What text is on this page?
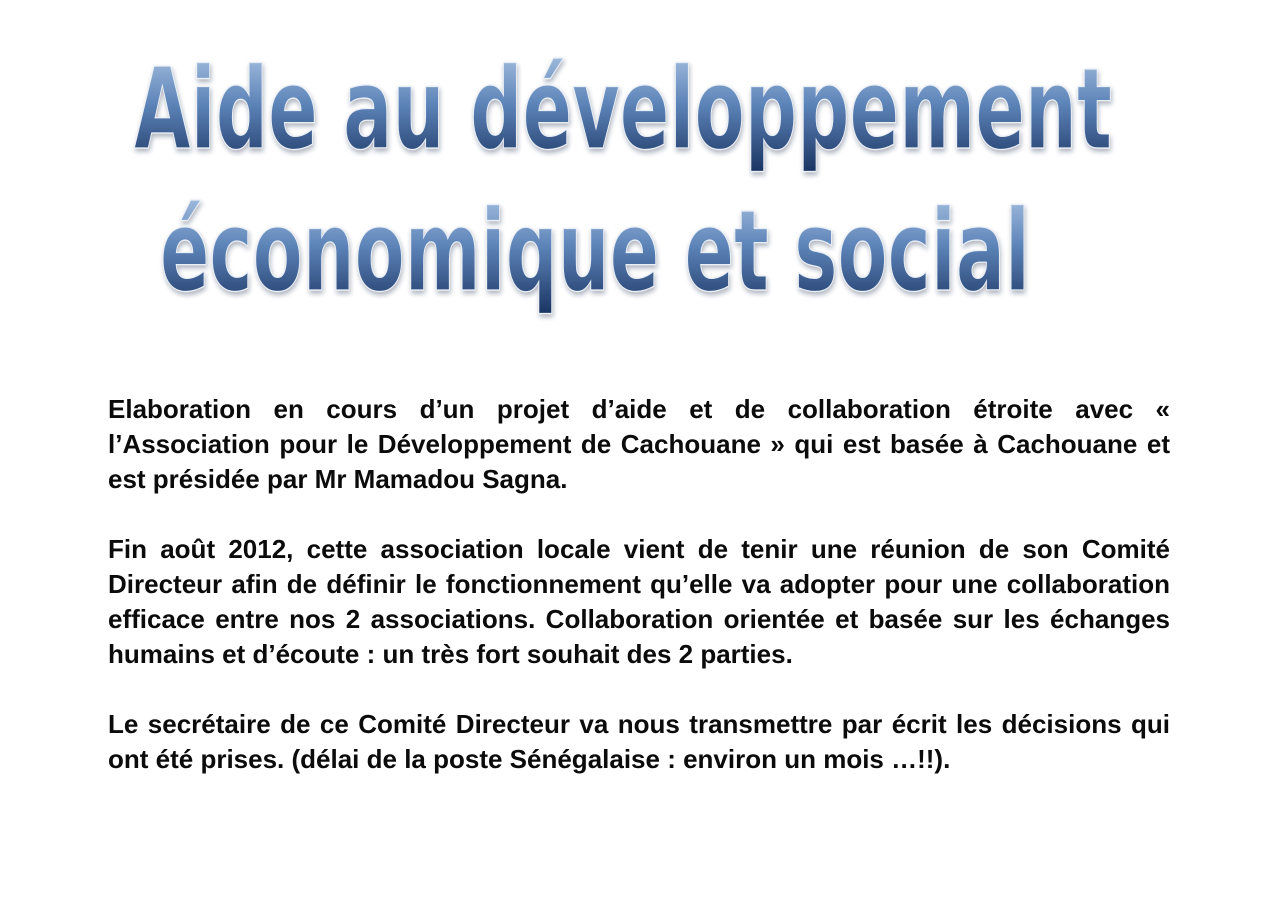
Aide au développement
économique et social

Elaboration en cours d’un projet d’aide et de collaboration étroite avec « l’Association pour le Développement de Cachouane » qui est basée à Cachouane et est présidée par Mr Mamadou Sagna.

Fin août 2012, cette association locale vient de tenir une réunion de son Comité Directeur afin de définir le fonctionnement qu’elle va adopter pour une collaboration efficace entre nos 2 associations. Collaboration orientée et basée sur les échanges humains et d’écoute : un très fort souhait des 2 parties.

Le secrétaire de ce Comité Directeur va nous transmettre par écrit les décisions qui ont été prises. (délai de la poste Sénégalaise : environ un mois …!!).
